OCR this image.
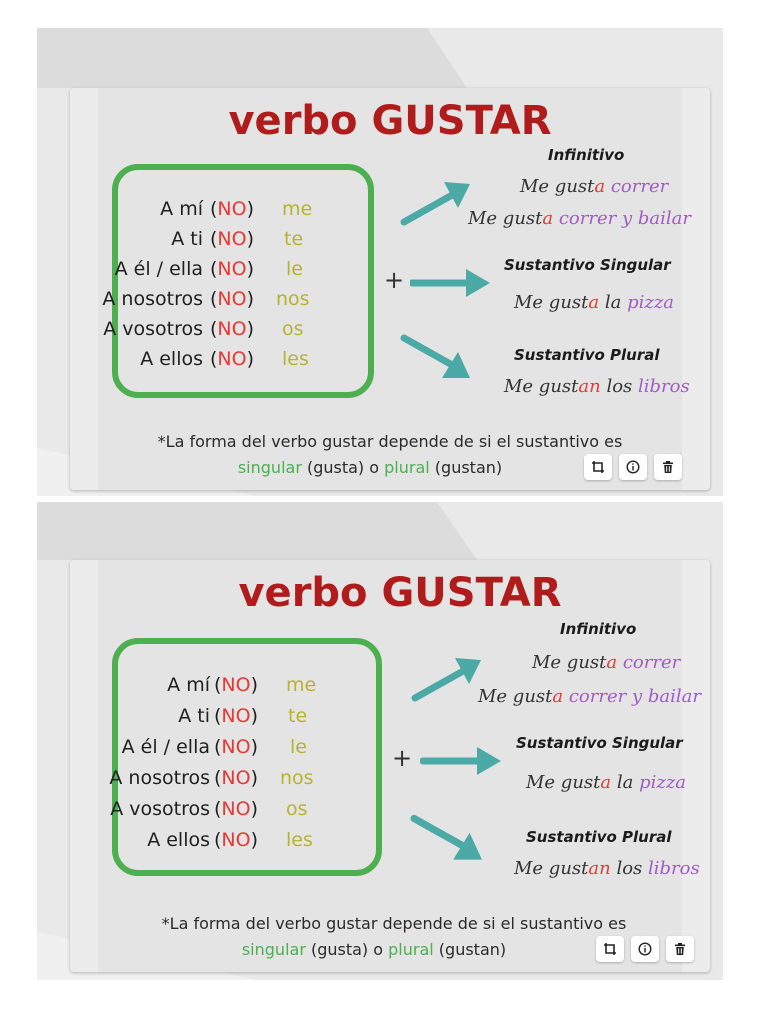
verbo GUSTAR
A mí (NO) me
A ti (NO) te
A él / ella (NO) le
A nosotros (NO) nos
A vosotros (NO) os
A ellos (NO) les
+
Infinitivo
Me gusta correr
Me gusta correr y bailar
Sustantivo Singular
Me gusta la pizza
Sustantivo Plural
Me gustan los libros
*La forma del verbo gustar depende de si el sustantivo es
singular (gusta) o plural (gustan)
verbo GUSTAR
A mí (NO) me
A ti (NO) te
A él / ella (NO) le
A nosotros (NO) nos
A vosotros (NO) os
A ellos (NO) les
+
Infinitivo
Me gusta correr
Me gusta correr y bailar
Sustantivo Singular
Me gusta la pizza
Sustantivo Plural
Me gustan los libros
*La forma del verbo gustar depende de si el sustantivo es
singular (gusta) o plural (gustan)
